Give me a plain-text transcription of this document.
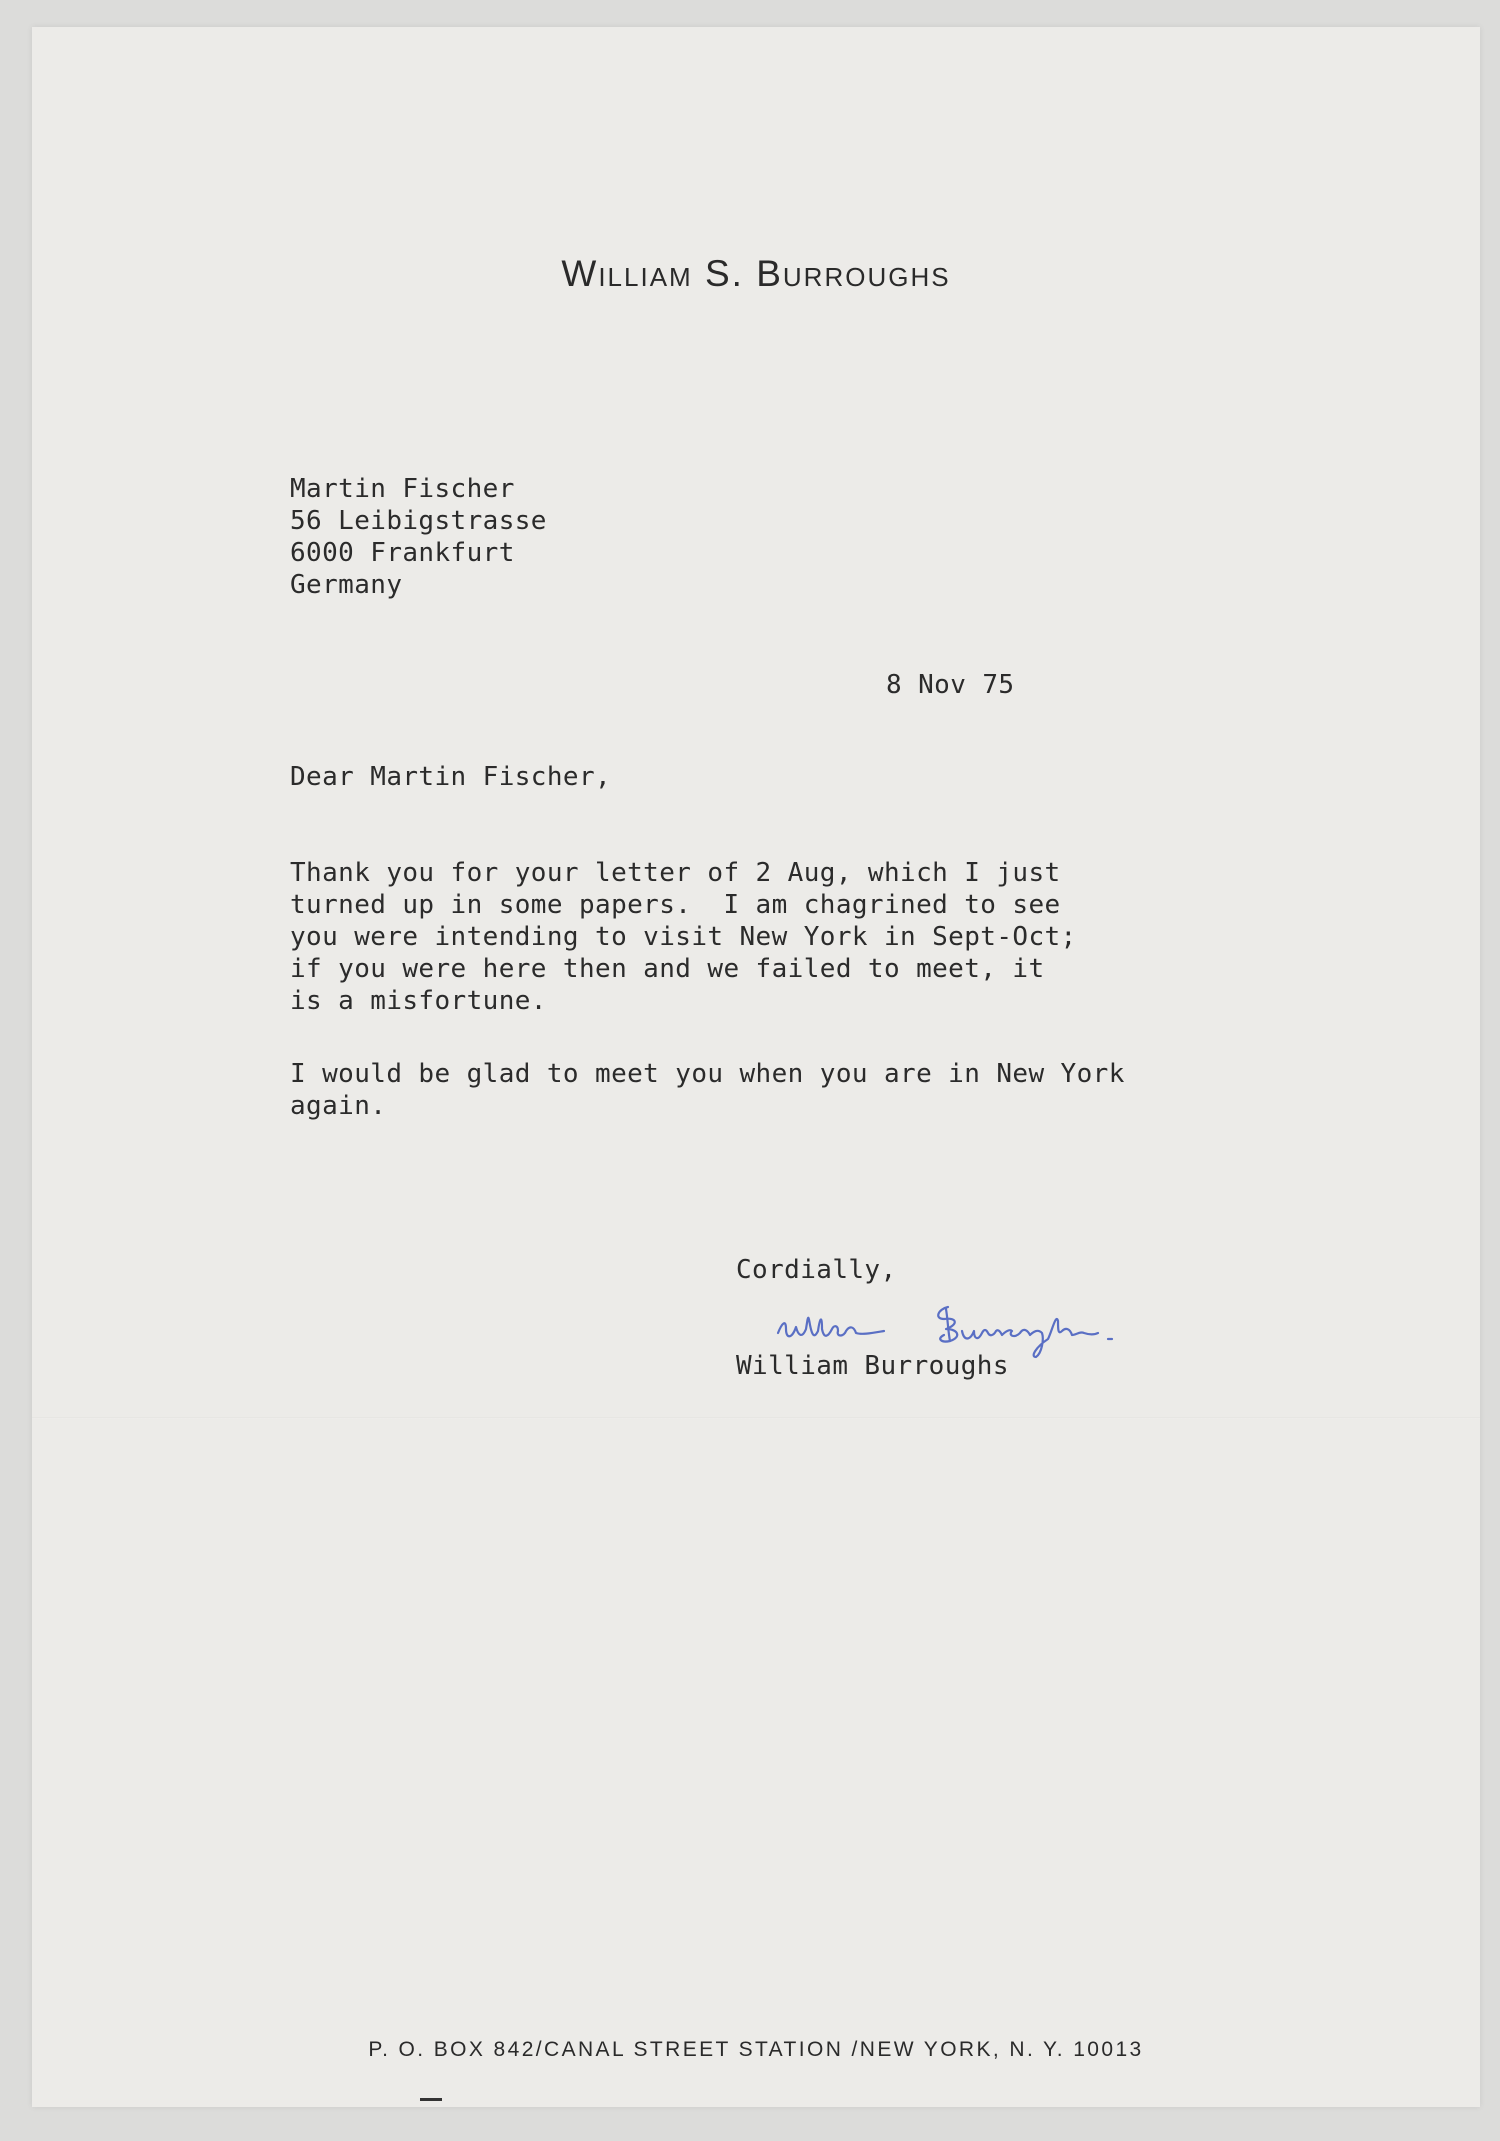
William S. Burroughs
Martin Fischer
56 Leibigstrasse
6000 Frankfurt
Germany
8 Nov 75
Dear Martin Fischer,
Thank you for your letter of 2 Aug, which I just
turned up in some papers.  I am chagrined to see
you were intending to visit New York in Sept-Oct;
if you were here then and we failed to meet, it
is a misfortune.
I would be glad to meet you when you are in New York
again.
Cordially,
William Burroughs
P. O. BOX 842/CANAL STREET STATION /NEW YORK, N. Y. 10013
